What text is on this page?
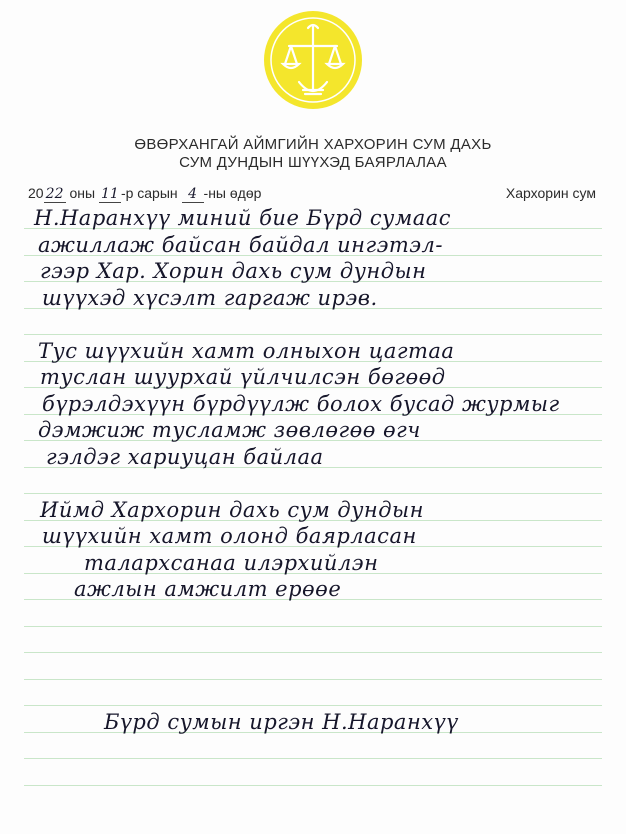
ӨВӨРХАНГАЙ АЙМГИЙН ХАРХОРИН СУМ ДАХЬ
СУМ ДУНДЫН ШҮҮХЭД БАЯРЛАЛАА
20 22 оны 11 -р сарын 4 -ны өдөр	Хархорин сум
Н.Наранхүү миний бие Бүрд сумаас
ажиллаж байсан байдал ингэтэл-
гээр Хар. Хорин дахь сум дундын
шүүхэд хүсэлт гаргаж ирэв.
Тус шүүхийн хамт олныхон цагтаа
туслан шуурхай үйлчилсэн бөгөөд
бүрэлдэхүүн бүрдүүлж болох бусад журмыг
дэмжиж тусламж зөвлөгөө өгч
гэлдэг хариуцан байлаа
Иймд Хархорин дахь сум дундын
шүүхийн хамт олонд баярласан
талархсанаа илэрхийлэн
ажлын амжилт ерөөе
Бүрд сумын иргэн Н.Наранхүү
